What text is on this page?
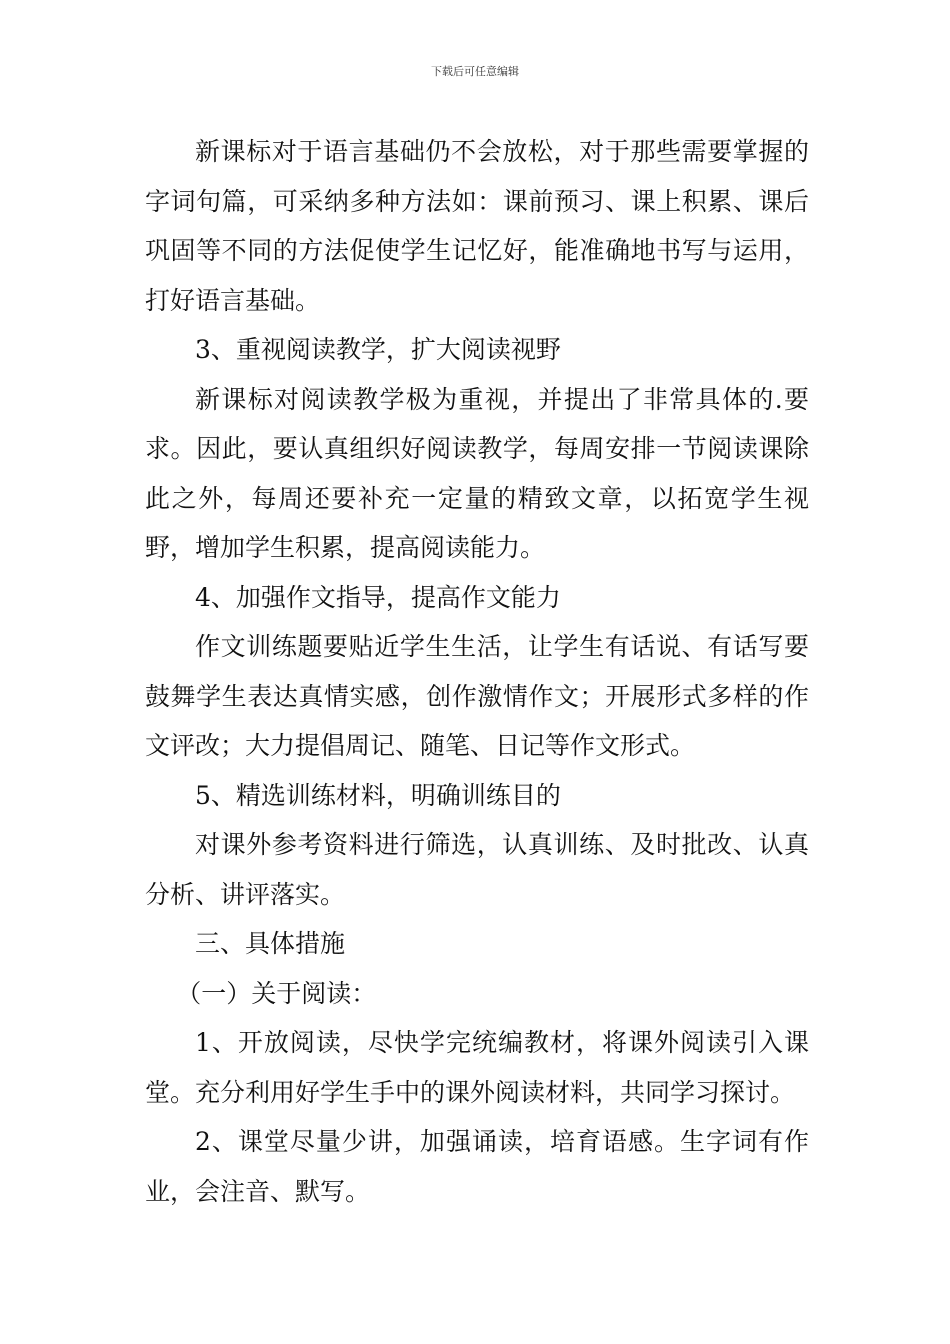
下载后可任意编辑

新课标对于语言基础仍不会放松，对于那些需要掌握的字词句篇，可采纳多种方法如：课前预习、课上积累、课后巩固等不同的方法促使学生记忆好，能准确地书写与运用，打好语言基础。

3、重视阅读教学，扩大阅读视野

新课标对阅读教学极为重视，并提出了非常具体的.要求。因此，要认真组织好阅读教学，每周安排一节阅读课除此之外，每周还要补充一定量的精致文章，以拓宽学生视野，增加学生积累，提高阅读能力。

4、加强作文指导，提高作文能力

作文训练题要贴近学生生活，让学生有话说、有话写要鼓舞学生表达真情实感，创作激情作文；开展形式多样的作文评改；大力提倡周记、随笔、日记等作文形式。

5、精选训练材料，明确训练目的

对课外参考资料进行筛选，认真训练、及时批改、认真分析、讲评落实。

三、具体措施

（一）关于阅读：

1、开放阅读，尽快学完统编教材，将课外阅读引入课堂。充分利用好学生手中的课外阅读材料，共同学习探讨。

2、课堂尽量少讲，加强诵读，培育语感。生字词有作业，会注音、默写。
